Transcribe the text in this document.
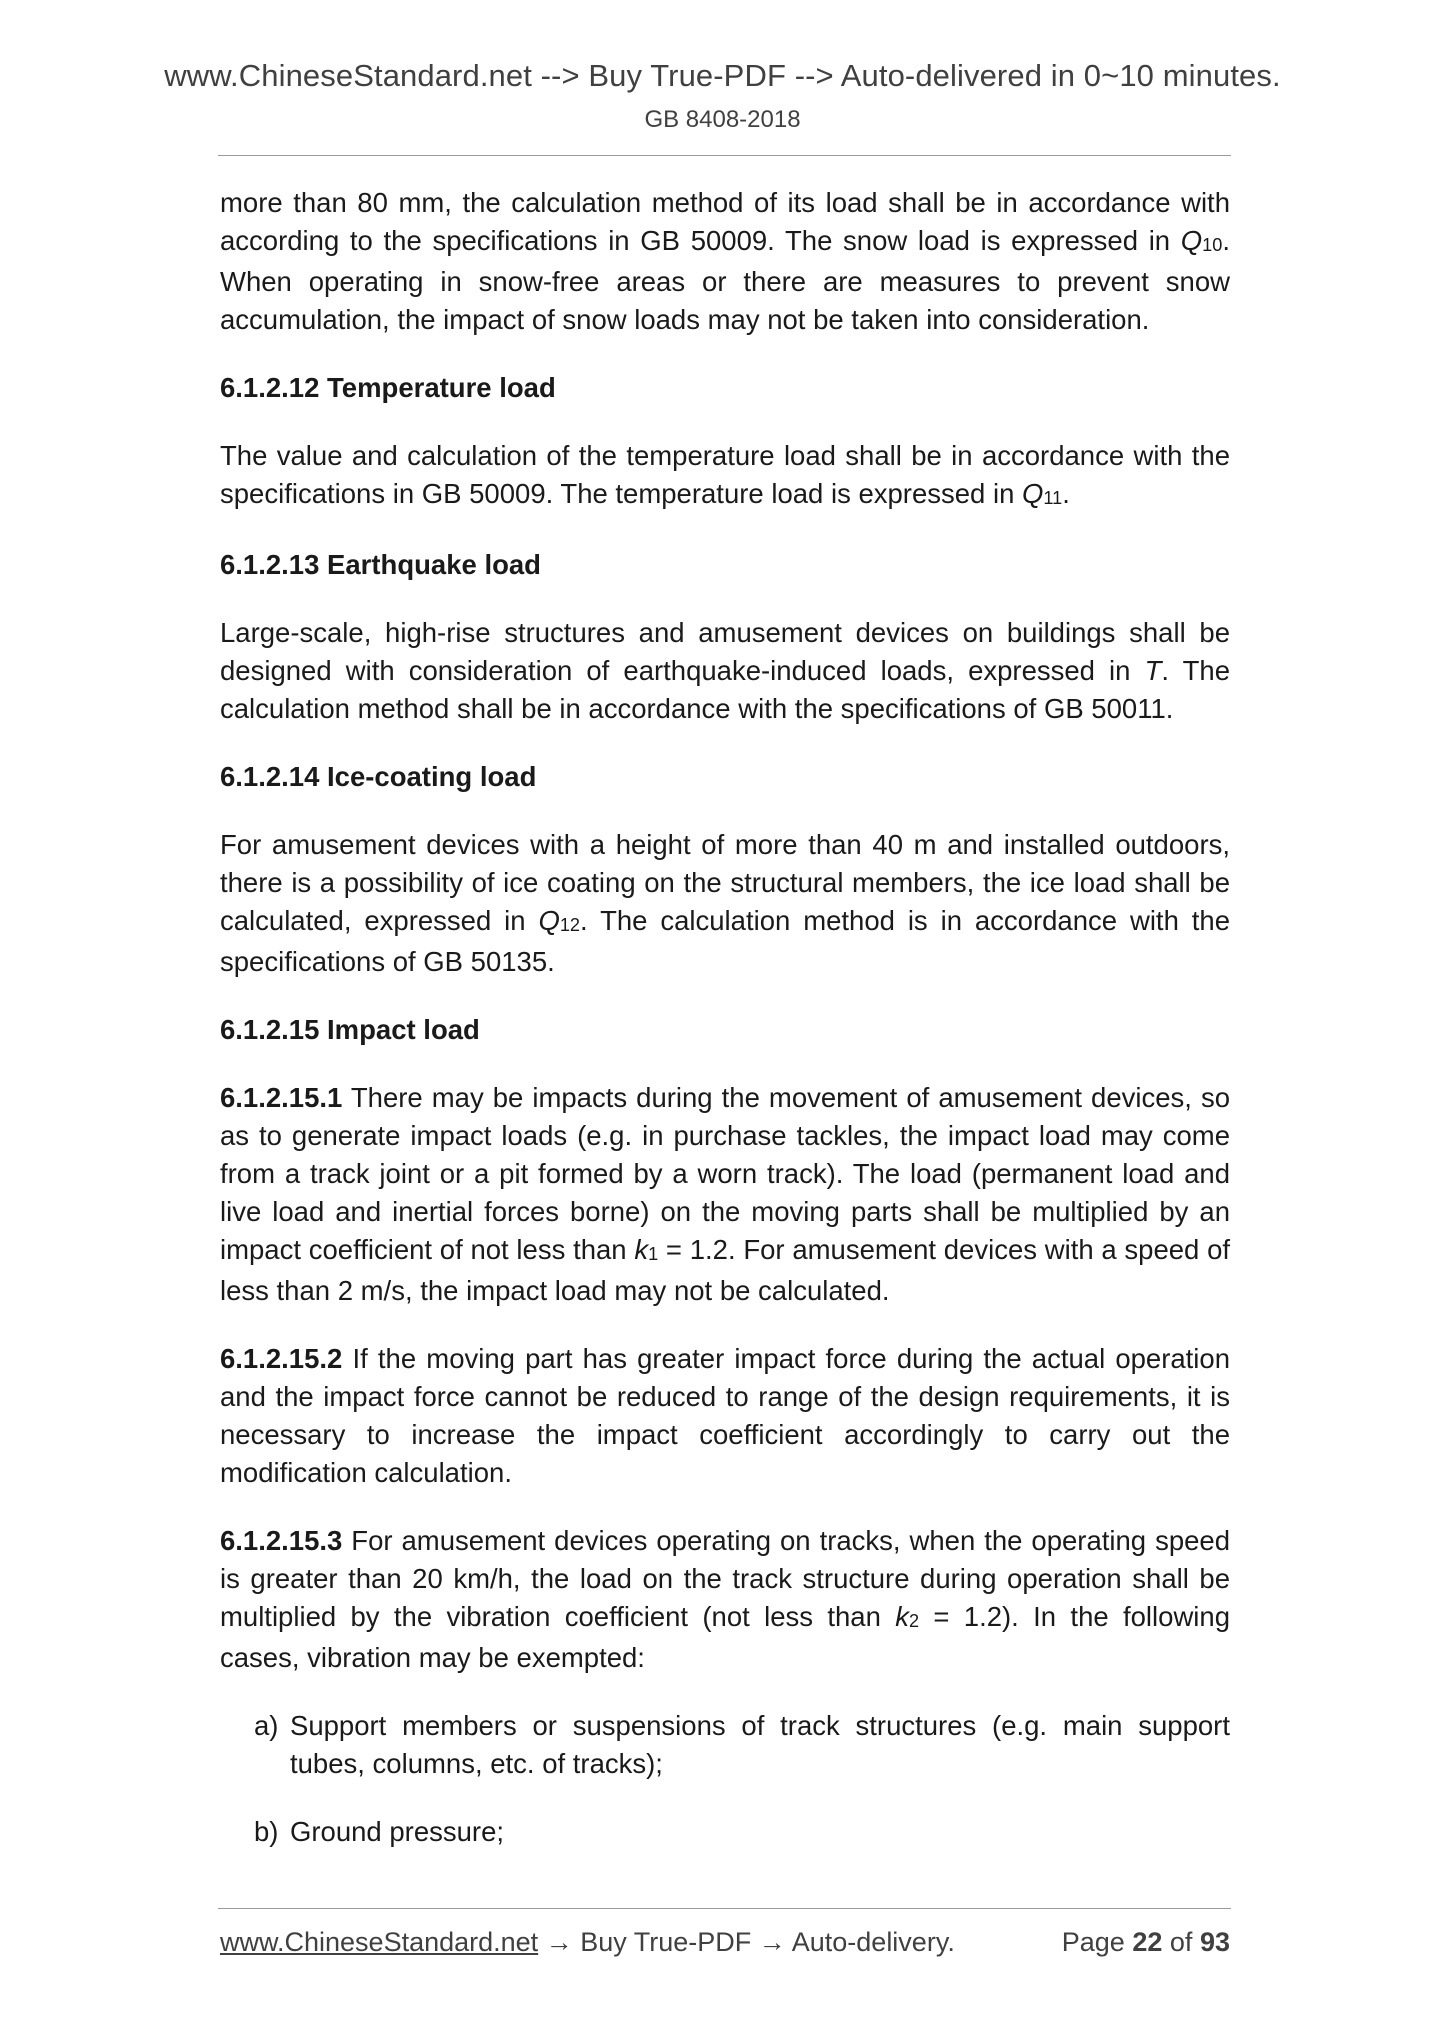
www.ChineseStandard.net --> Buy True-PDF --> Auto-delivered in 0~10 minutes.
GB 8408-2018

more than 80 mm, the calculation method of its load shall be in accordance with according to the specifications in GB 50009. The snow load is expressed in Q10. When operating in snow-free areas or there are measures to prevent snow accumulation, the impact of snow loads may not be taken into consideration.

6.1.2.12 Temperature load

The value and calculation of the temperature load shall be in accordance with the specifications in GB 50009. The temperature load is expressed in Q11.

6.1.2.13 Earthquake load

Large-scale, high-rise structures and amusement devices on buildings shall be designed with consideration of earthquake-induced loads, expressed in T. The calculation method shall be in accordance with the specifications of GB 50011.

6.1.2.14 Ice-coating load

For amusement devices with a height of more than 40 m and installed outdoors, there is a possibility of ice coating on the structural members, the ice load shall be calculated, expressed in Q12. The calculation method is in accordance with the specifications of GB 50135.

6.1.2.15 Impact load

6.1.2.15.1 There may be impacts during the movement of amusement devices, so as to generate impact loads (e.g. in purchase tackles, the impact load may come from a track joint or a pit formed by a worn track). The load (permanent load and live load and inertial forces borne) on the moving parts shall be multiplied by an impact coefficient of not less than k1 = 1.2. For amusement devices with a speed of less than 2 m/s, the impact load may not be calculated.

6.1.2.15.2 If the moving part has greater impact force during the actual operation and the impact force cannot be reduced to range of the design requirements, it is necessary to increase the impact coefficient accordingly to carry out the modification calculation.

6.1.2.15.3 For amusement devices operating on tracks, when the operating speed is greater than 20 km/h, the load on the track structure during operation shall be multiplied by the vibration coefficient (not less than k2 = 1.2). In the following cases, vibration may be exempted:

a) Support members or suspensions of track structures (e.g. main support tubes, columns, etc. of tracks);

b) Ground pressure;

www.ChineseStandard.net → Buy True-PDF → Auto-delivery.	Page 22 of 93
